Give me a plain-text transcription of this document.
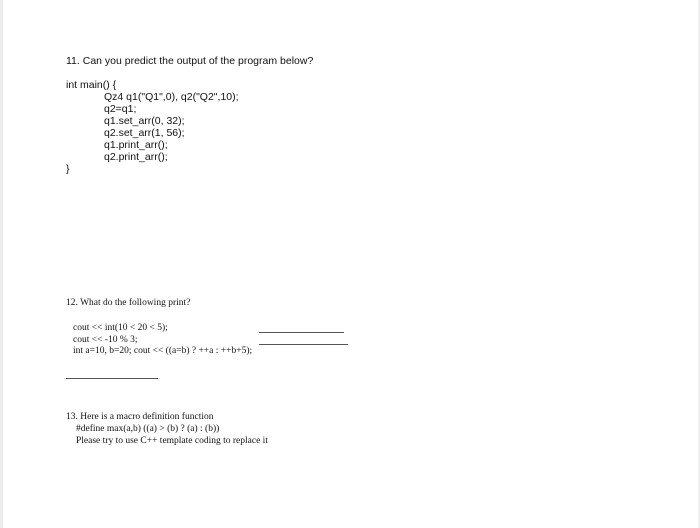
11. Can you predict the output of the program below?
int main() {
Qz4 q1("Q1",0), q2("Q2",10);
q2=q1;
q1.set_arr(0, 32);
q2.set_arr(1, 56);
q1.print_arr();
q2.print_arr();
}
12. What do the following print?
cout << int(10 < 20 < 5);
cout << -10 % 3;
int a=10, b=20; cout << ((a=b) ? ++a : ++b+5);
13. Here is a macro definition function
#define max(a,b) ((a) > (b) ? (a) : (b))
Please try to use C++ template coding to replace it
